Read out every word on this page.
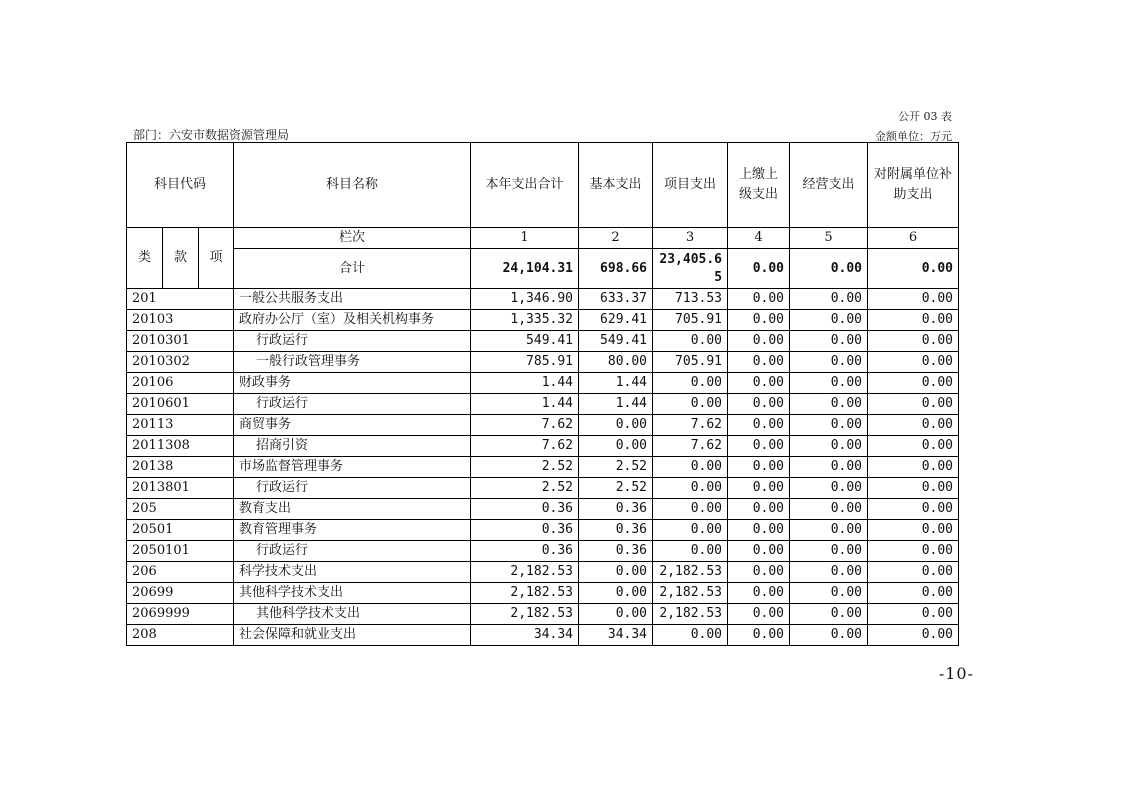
公开 03 表
部门：六安市数据资源管理局	金额单位：万元
科目代码			科目名称	本年支出合计	基本支出	项目支出	上缴上级支出	经营支出	对附属单位补助支出
类	款	项	栏次	1	2	3	4	5	6
			合计	24,104.31	698.66	23,405.65	0.00	0.00	0.00
201			一般公共服务支出	1,346.90	633.37	713.53	0.00	0.00	0.00
20103			政府办公厅（室）及相关机构事务	1,335.32	629.41	705.91	0.00	0.00	0.00
2010301			行政运行	549.41	549.41	0.00	0.00	0.00	0.00
2010302			一般行政管理事务	785.91	80.00	705.91	0.00	0.00	0.00
20106			财政事务	1.44	1.44	0.00	0.00	0.00	0.00
2010601			行政运行	1.44	1.44	0.00	0.00	0.00	0.00
20113			商贸事务	7.62	0.00	7.62	0.00	0.00	0.00
2011308			招商引资	7.62	0.00	7.62	0.00	0.00	0.00
20138			市场监督管理事务	2.52	2.52	0.00	0.00	0.00	0.00
2013801			行政运行	2.52	2.52	0.00	0.00	0.00	0.00
205			教育支出	0.36	0.36	0.00	0.00	0.00	0.00
20501			教育管理事务	0.36	0.36	0.00	0.00	0.00	0.00
2050101			行政运行	0.36	0.36	0.00	0.00	0.00	0.00
206			科学技术支出	2,182.53	0.00	2,182.53	0.00	0.00	0.00
20699			其他科学技术支出	2,182.53	0.00	2,182.53	0.00	0.00	0.00
2069999			其他科学技术支出	2,182.53	0.00	2,182.53	0.00	0.00	0.00
208			社会保障和就业支出	34.34	34.34	0.00	0.00	0.00	0.00
-10-
